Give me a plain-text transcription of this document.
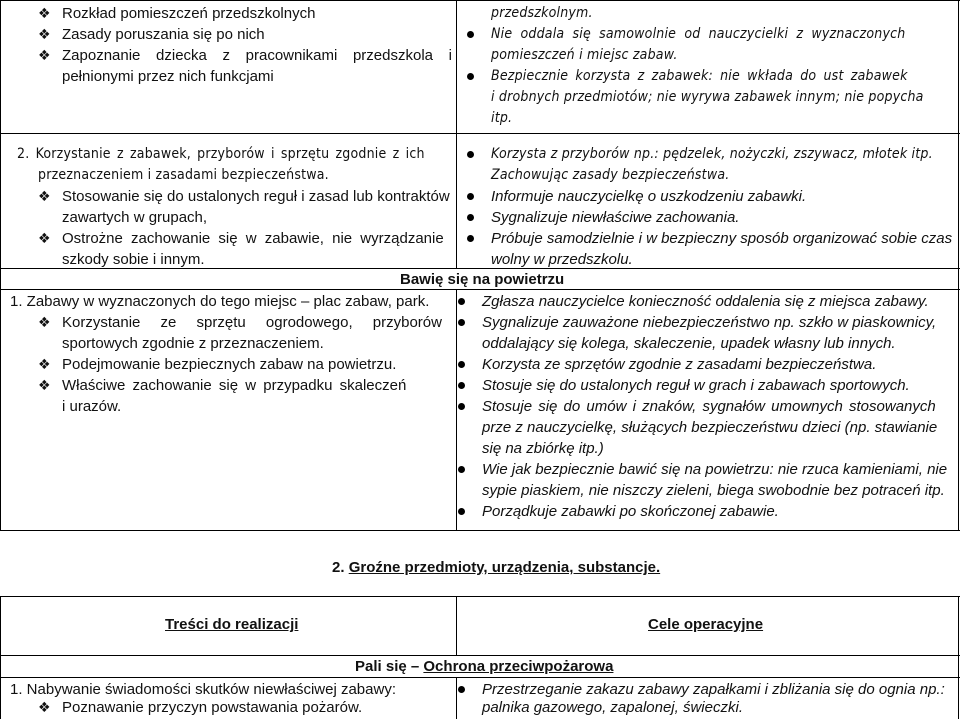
❖ Rozkład pomieszczeń przedszkolnych
❖ Zasady poruszania się po nich
❖ Zapoznanie dziecka z pracownikami przedszkola i
pełnionymi przez nich funkcjami
przedszkolnym.
Nie oddala się samowolnie od nauczycielki z wyznaczonych
pomieszczeń i miejsc zabaw.
Bezpiecznie korzysta z zabawek: nie wkłada do ust zabawek
i drobnych przedmiotów; nie wyrywa zabawek innym; nie popycha
itp.
2. Korzystanie z zabawek, przyborów i sprzętu zgodnie z ich
przeznaczeniem i zasadami bezpieczeństwa.
❖ Stosowanie się do ustalonych reguł i zasad lub kontraktów
zawartych w grupach,
❖ Ostrożne zachowanie się w zabawie, nie wyrządzanie
szkody sobie i innym.
Korzysta z przyborów np.: pędzelek, nożyczki, zszywacz, młotek itp.
Zachowując zasady bezpieczeństwa.
Informuje nauczycielkę o uszkodzeniu zabawki.
Sygnalizuje niewłaściwe zachowania.
Próbuje samodzielnie i w bezpieczny sposób organizować sobie czas
wolny w przedszkolu.
Bawię się na powietrzu
1. Zabawy w wyznaczonych do tego miejsc – plac zabaw, park.
❖ Korzystanie ze sprzętu ogrodowego, przyborów
sportowych zgodnie z przeznaczeniem.
❖ Podejmowanie bezpiecznych zabaw na powietrzu.
❖ Właściwe zachowanie się w przypadku skaleczeń
i urazów.
Zgłasza nauczycielce konieczność oddalenia się z miejsca zabawy.
Sygnalizuje zauważone niebezpieczeństwo np. szkło w piaskownicy,
oddalający się kolega, skaleczenie, upadek własny lub innych.
Korzysta ze sprzętów zgodnie z zasadami bezpieczeństwa.
Stosuje się do ustalonych reguł w grach i zabawach sportowych.
Stosuje się do umów i znaków, sygnałów umownych stosowanych
prze z nauczycielkę, służących bezpieczeństwu dzieci (np. stawianie
się na zbiórkę itp.)
Wie jak bezpiecznie bawić się na powietrzu: nie rzuca kamieniami, nie
sypie piaskiem, nie niszczy zieleni, biega swobodnie bez potraceń itp.
Porządkuje zabawki po skończonej zabawie.
2. Groźne przedmioty, urządzenia, substancje.
Treści do realizacji	Cele operacyjne
Pali się – Ochrona przeciwpożarowa
1. Nabywanie świadomości skutków niewłaściwej zabawy:
❖ Poznawanie przyczyn powstawania pożarów.
Przestrzeganie zakazu zabawy zapałkami i zbliżania się do ognia np.:
palnika gazowego, zapalonej, świeczki.
